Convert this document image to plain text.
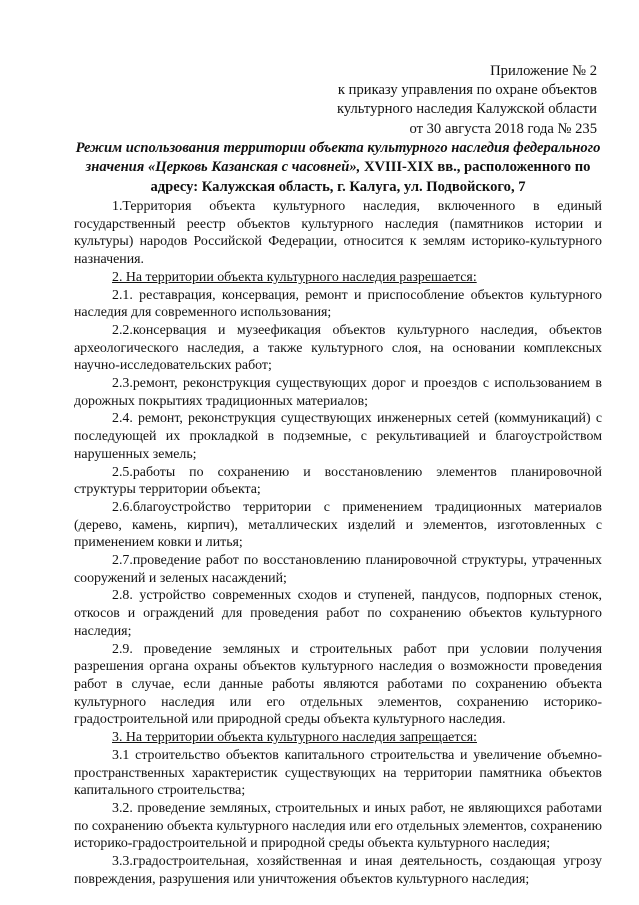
Приложение № 2
к приказу управления по охране объектов
культурного наследия Калужской области
от 30 августа 2018 года № 235
Режим использования территории объекта культурного наследия федерального значения «Церковь Казанская с часовней», XVIII-XIX вв., расположенного по адресу: Калужская область, г. Калуга, ул. Подвойского, 7

1.Территория объекта культурного наследия, включенного в единый государственный реестр объектов культурного наследия (памятников истории и культуры) народов Российской Федерации, относится к землям историко-культурного назначения.

2. На территории объекта культурного наследия разрешается:

2.1. реставрация, консервация, ремонт и приспособление объектов культурного наследия для современного использования;

2.2.консервация и музеефикация объектов культурного наследия, объектов археологического наследия, а также культурного слоя, на основании комплексных научно-исследовательских работ;

2.3.ремонт, реконструкция существующих дорог и проездов с использованием в дорожных покрытиях традиционных материалов;

2.4. ремонт, реконструкция существующих инженерных сетей (коммуникаций) с последующей их прокладкой в подземные, с рекультивацией и благоустройством нарушенных земель;

2.5.работы по сохранению и восстановлению элементов планировочной структуры территории объекта;

2.6.благоустройство территории с применением традиционных материалов (дерево, камень, кирпич), металлических изделий и элементов, изготовленных с применением ковки и литья;

2.7.проведение работ по восстановлению планировочной структуры, утраченных сооружений и зеленых насаждений;

2.8. устройство современных сходов и ступеней, пандусов, подпорных стенок, откосов и ограждений для проведения работ по сохранению объектов культурного наследия;

2.9. проведение земляных и строительных работ при условии получения разрешения органа охраны объектов культурного наследия о возможности проведения работ в случае, если данные работы являются работами по сохранению объекта культурного наследия или его отдельных элементов, сохранению историко-градостроительной или природной среды объекта культурного наследия.

3. На территории объекта культурного наследия запрещается:

3.1 строительство объектов капитального строительства и увеличение объемно-пространственных характеристик существующих на территории памятника объектов капитального строительства;

3.2. проведение земляных, строительных и иных работ, не являющихся работами по сохранению объекта культурного наследия или его отдельных элементов, сохранению историко-градостроительной и природной среды объекта культурного наследия;

3.3.градостроительная, хозяйственная и иная деятельность, создающая угрозу повреждения, разрушения или уничтожения объектов культурного наследия;
